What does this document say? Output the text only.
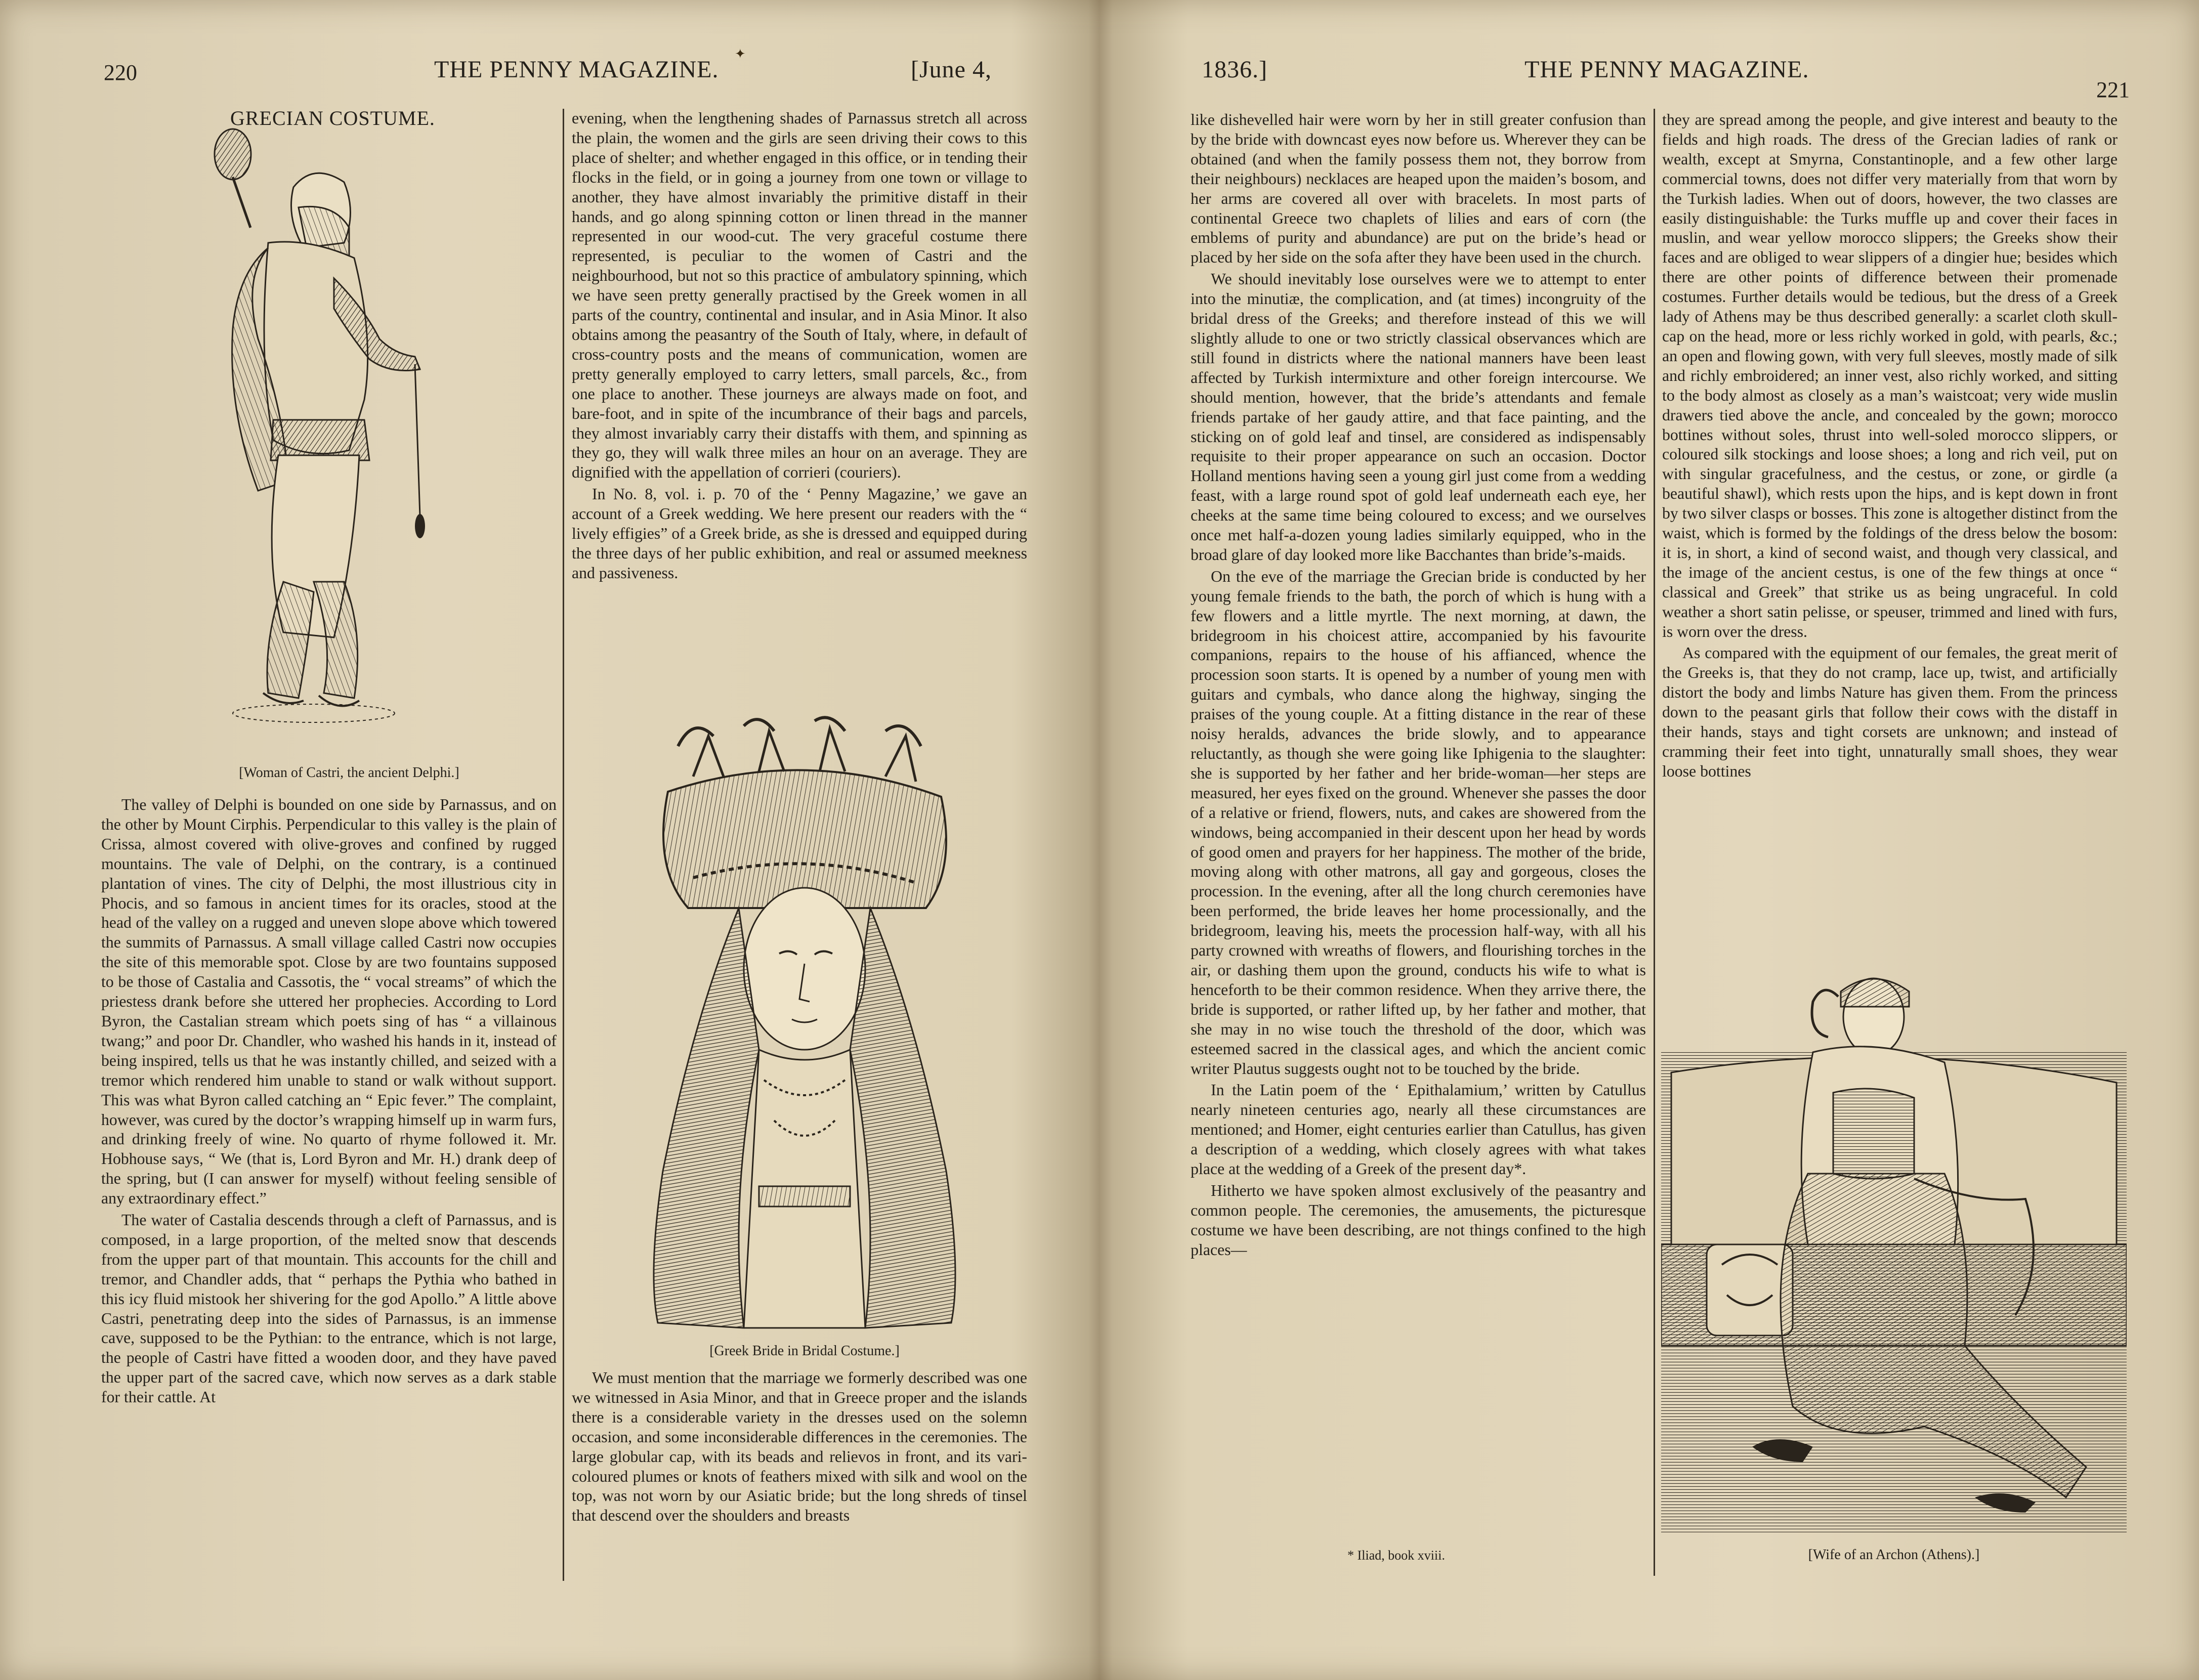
220	THE PENNY MAGAZINE.	[June 4,
✦
GRECIAN COSTUME.
[Woman of Castri, the ancient Delphi.]

The valley of Delphi is bounded on one side by Parnassus, and on the other by Mount Cirphis. Perpendicular to this valley is the plain of Crissa, almost covered with olive-groves and confined by rugged mountains. The vale of Delphi, on the contrary, is a continued plantation of vines. The city of Delphi, the most illustrious city in Phocis, and so famous in ancient times for its oracles, stood at the head of the valley on a rugged and uneven slope above which towered the summits of Parnassus. A small village called Castri now occupies the site of this memorable spot. Close by are two fountains supposed to be those of Castalia and Cassotis, the “ vocal streams” of which the priestess drank before she uttered her prophecies. According to Lord Byron, the Castalian stream which poets sing of has “ a villainous twang;” and poor Dr. Chandler, who washed his hands in it, instead of being inspired, tells us that he was instantly chilled, and seized with a tremor which rendered him unable to stand or walk without support. This was what Byron called catching an “ Epic fever.” The complaint, however, was cured by the doctor’s wrapping himself up in warm furs, and drinking freely of wine. No quarto of rhyme followed it. Mr. Hobhouse says, “ We (that is, Lord Byron and Mr. H.) drank deep of the spring, but (I can answer for myself) without feeling sensible of any extraordinary effect.”

The water of Castalia descends through a cleft of Parnassus, and is composed, in a large proportion, of the melted snow that descends from the upper part of that mountain. This accounts for the chill and tremor, and Chandler adds, that “ perhaps the Pythia who bathed in this icy fluid mistook her shivering for the god Apollo.” A little above Castri, penetrating deep into the sides of Parnassus, is an immense cave, supposed to be the Pythian: to the entrance, which is not large, the people of Castri have fitted a wooden door, and they have paved the upper part of the sacred cave, which now serves as a dark stable for their cattle. At

evening, when the lengthening shades of Parnassus stretch all across the plain, the women and the girls are seen driving their cows to this place of shelter; and whether engaged in this office, or in tending their flocks in the field, or in going a journey from one town or village to another, they have almost invariably the primitive distaff in their hands, and go along spinning cotton or linen thread in the manner represented in our wood-cut. The very graceful costume there represented, is peculiar to the women of Castri and the neighbourhood, but not so this practice of ambulatory spinning, which we have seen pretty generally practised by the Greek women in all parts of the country, continental and insular, and in Asia Minor. It also obtains among the peasantry of the South of Italy, where, in default of cross-country posts and the means of communication, women are pretty generally employed to carry letters, small parcels, &c., from one place to another. These journeys are always made on foot, and bare-foot, and in spite of the incumbrance of their bags and parcels, they almost invariably carry their distaffs with them, and spinning as they go, they will walk three miles an hour on an average. They are dignified with the appellation of corrieri (couriers).

In No. 8, vol. i. p. 70 of the ‘ Penny Magazine,’ we gave an account of a Greek wedding. We here present our readers with the “ lively effigies” of a Greek bride, as she is dressed and equipped during the three days of her public exhibition, and real or assumed meekness and passiveness.

[Greek Bride in Bridal Costume.]

We must mention that the marriage we formerly described was one we witnessed in Asia Minor, and that in Greece proper and the islands there is a considerable variety in the dresses used on the solemn occasion, and some inconsiderable differences in the ceremonies. The large globular cap, with its beads and relievos in front, and its vari-coloured plumes or knots of feathers mixed with silk and wool on the top, was not worn by our Asiatic bride; but the long shreds of tinsel that descend over the shoulders and breasts

1836.]	THE PENNY MAGAZINE.
221

like dishevelled hair were worn by her in still greater confusion than by the bride with downcast eyes now before us. Wherever they can be obtained (and when the family possess them not, they borrow from their neighbours) necklaces are heaped upon the maiden’s bosom, and her arms are covered all over with bracelets. In most parts of continental Greece two chaplets of lilies and ears of corn (the emblems of purity and abundance) are put on the bride’s head or placed by her side on the sofa after they have been used in the church.

We should inevitably lose ourselves were we to attempt to enter into the minutiæ, the complication, and (at times) incongruity of the bridal dress of the Greeks; and therefore instead of this we will slightly allude to one or two strictly classical observances which are still found in districts where the national manners have been least affected by Turkish intermixture and other foreign intercourse. We should mention, however, that the bride’s attendants and female friends partake of her gaudy attire, and that face painting, and the sticking on of gold leaf and tinsel, are considered as indispensably requisite to their proper appearance on such an occasion. Doctor Holland mentions having seen a young girl just come from a wedding feast, with a large round spot of gold leaf underneath each eye, her cheeks at the same time being coloured to excess; and we ourselves once met half-a-dozen young ladies similarly equipped, who in the broad glare of day looked more like Bacchantes than bride’s-maids.

On the eve of the marriage the Grecian bride is conducted by her young female friends to the bath, the porch of which is hung with a few flowers and a little myrtle. The next morning, at dawn, the bridegroom in his choicest attire, accompanied by his favourite companions, repairs to the house of his affianced, whence the procession soon starts. It is opened by a number of young men with guitars and cymbals, who dance along the highway, singing the praises of the young couple. At a fitting distance in the rear of these noisy heralds, advances the bride slowly, and to appearance reluctantly, as though she were going like Iphigenia to the slaughter: she is supported by her father and her bride-woman—her steps are measured, her eyes fixed on the ground. Whenever she passes the door of a relative or friend, flowers, nuts, and cakes are showered from the windows, being accompanied in their descent upon her head by words of good omen and prayers for her happiness. The mother of the bride, moving along with other matrons, all gay and gorgeous, closes the procession. In the evening, after all the long church ceremonies have been performed, the bride leaves her home processionally, and the bridegroom, leaving his, meets the procession half-way, with all his party crowned with wreaths of flowers, and flourishing torches in the air, or dashing them upon the ground, conducts his wife to what is henceforth to be their common residence. When they arrive there, the bride is supported, or rather lifted up, by her father and mother, that she may in no wise touch the threshold of the door, which was esteemed sacred in the classical ages, and which the ancient comic writer Plautus suggests ought not to be touched by the bride.

In the Latin poem of the ‘ Epithalamium,’ written by Catullus nearly nineteen centuries ago, nearly all these circumstances are mentioned; and Homer, eight centuries earlier than Catullus, has given a description of a wedding, which closely agrees with what takes place at the wedding of a Greek of the present day*.

Hitherto we have spoken almost exclusively of the peasantry and common people. The ceremonies, the amusements, the picturesque costume we have been describing, are not things confined to the high places—

* Iliad, book xviii.

they are spread among the people, and give interest and beauty to the fields and high roads. The dress of the Grecian ladies of rank or wealth, except at Smyrna, Constantinople, and a few other large commercial towns, does not differ very materially from that worn by the Turkish ladies. When out of doors, however, the two classes are easily distinguishable: the Turks muffle up and cover their faces in muslin, and wear yellow morocco slippers; the Greeks show their faces and are obliged to wear slippers of a dingier hue; besides which there are other points of difference between their promenade costumes. Further details would be tedious, but the dress of a Greek lady of Athens may be thus described generally: a scarlet cloth skull-cap on the head, more or less richly worked in gold, with pearls, &c.; an open and flowing gown, with very full sleeves, mostly made of silk and richly embroidered; an inner vest, also richly worked, and sitting to the body almost as closely as a man’s waistcoat; very wide muslin drawers tied above the ancle, and concealed by the gown; morocco bottines without soles, thrust into well-soled morocco slippers, or coloured silk stockings and loose shoes; a long and rich veil, put on with singular gracefulness, and the cestus, or zone, or girdle (a beautiful shawl), which rests upon the hips, and is kept down in front by two silver clasps or bosses. This zone is altogether distinct from the waist, which is formed by the foldings of the dress below the bosom: it is, in short, a kind of second waist, and though very classical, and the image of the ancient cestus, is one of the few things at once “ classical and Greek” that strike us as being ungraceful. In cold weather a short satin pelisse, or speuser, trimmed and lined with furs, is worn over the dress.

As compared with the equipment of our females, the great merit of the Greeks is, that they do not cramp, lace up, twist, and artificially distort the body and limbs Nature has given them. From the princess down to the peasant girls that follow their cows with the distaff in their hands, stays and tight corsets are unknown; and instead of cramming their feet into tight, unnaturally small shoes, they wear loose bottines

[Wife of an Archon (Athens).]
